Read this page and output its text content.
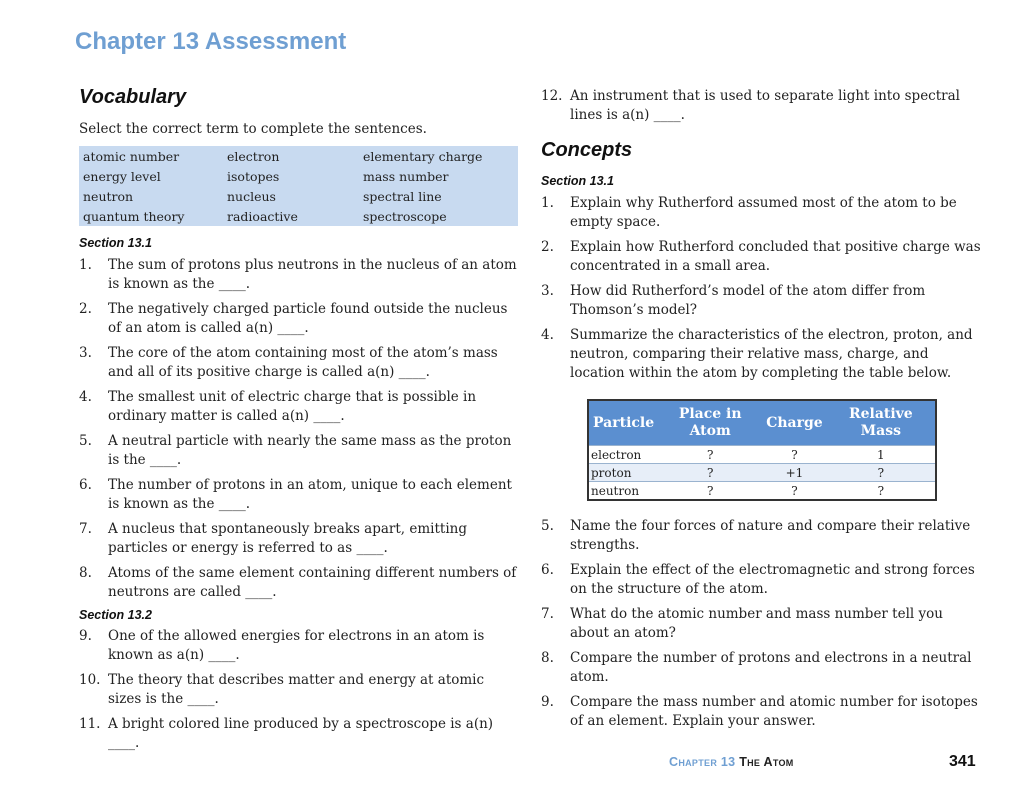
Chapter 13 Assessment
Vocabulary
Select the correct term to complete the sentences.
atomic number	electron	elementary charge
energy level	isotopes	mass number
neutron	nucleus	spectral line
quantum theory	radioactive	spectroscope
Section 13.1
1.	The sum of protons plus neutrons in the nucleus of an atom is known as the ____.
2.	The negatively charged particle found outside the nucleus of an atom is called a(n) ____.
3.	The core of the atom containing most of the atom’s mass and all of its positive charge is called a(n) ____.
4.	The smallest unit of electric charge that is possible in ordinary matter is called a(n) ____.
5.	A neutral particle with nearly the same mass as the proton is the ____.
6.	The number of protons in an atom, unique to each element is known as the ____.
7.	A nucleus that spontaneously breaks apart, emitting particles or energy is referred to as ____.
8.	Atoms of the same element containing different numbers of neutrons are called ____.
Section 13.2
9.	One of the allowed energies for electrons in an atom is known as a(n) ____.
10. The theory that describes matter and energy at atomic sizes is the ____.
11. A bright colored line produced by a spectroscope is a(n) ____.
12. An instrument that is used to separate light into spectral lines is a(n) ____.
Concepts
Section 13.1
1.	Explain why Rutherford assumed most of the atom to be empty space.
2.	Explain how Rutherford concluded that positive charge was concentrated in a small area.
3.	How did Rutherford’s model of the atom differ from Thomson’s model?
4.	Summarize the characteristics of the electron, proton, and neutron, comparing their relative mass, charge, and location within the atom by completing the table below.
Particle	Place in Atom	Charge	Relative Mass
electron	?	?	1
proton	?	+1	?
neutron	?	?	?
5.	Name the four forces of nature and compare their relative strengths.
6.	Explain the effect of the electromagnetic and strong forces on the structure of the atom.
7.	What do the atomic number and mass number tell you about an atom?
8.	Compare the number of protons and electrons in a neutral atom.
9.	Compare the mass number and atomic number for isotopes of an element. Explain your answer.
Chapter 13 The Atom	341
